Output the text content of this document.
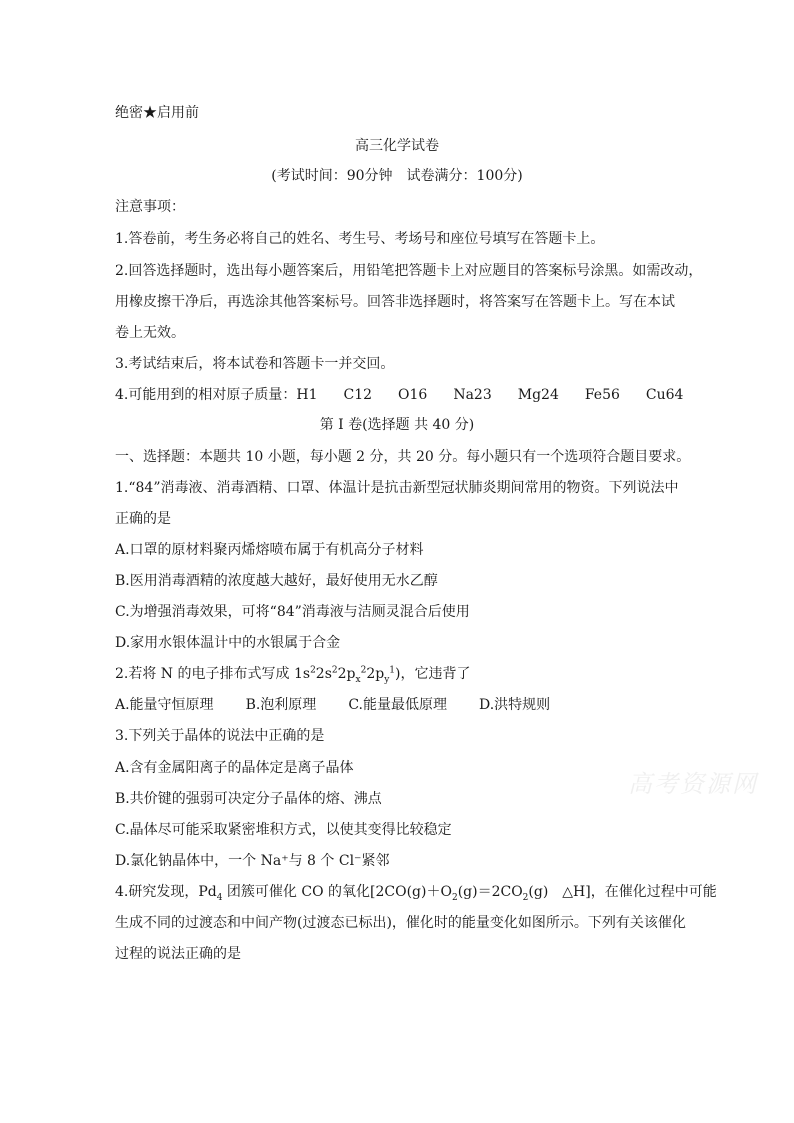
绝密★启用前
高三化学试卷
(考试时间：90分钟　试卷满分：100分)
注意事项：
1.答卷前，考生务必将自己的姓名、考生号、考场号和座位号填写在答题卡上。
2.回答选择题时，选出每小题答案后，用铅笔把答题卡上对应题目的答案标号涂黑。如需改动，
用橡皮擦干净后，再选涂其他答案标号。回答非选择题时，将答案写在答题卡上。写在本试
卷上无效。
3.考试结束后，将本试卷和答题卡一并交回。
4.可能用到的相对原子质量：H1 C12 O16 Na23 Mg24 Fe56 Cu64
第 I 卷(选择题 共 40 分)
一、选择题：本题共 10 小题，每小题 2 分，共 20 分。每小题只有一个选项符合题目要求。
1.“84”消毒液、消毒酒精、口罩、体温计是抗击新型冠状肺炎期间常用的物资。下列说法中
正确的是
A.口罩的原材料聚丙烯熔喷布属于有机高分子材料
B.医用消毒酒精的浓度越大越好，最好使用无水乙醇
C.为增强消毒效果，可将“84”消毒液与洁厕灵混合后使用
D.家用水银体温计中的水银属于合金
2.若将 N 的电子排布式写成 $1s^22s^22p_x^22p_y^1$)，它违背了
A.能量守恒原理 B.泡利原理 C.能量最低原理 D.洪特规则
3.下列关于晶体的说法中正确的是
A.含有金属阳离子的晶体定是离子晶体
B.共价键的强弱可决定分子晶体的熔、沸点
C.晶体尽可能采取紧密堆积方式，以使其变得比较稳定
D.氯化钠晶体中，一个 Na⁺与 8 个 Cl⁻紧邻
4.研究发现，$Pd_4$ 团簇可催化 CO 的氧化[$2CO(g)+O_2(g)=2CO_2(g)$　△H]，在催化过程中可能
生成不同的过渡态和中间产物(过渡态已标出)，催化时的能量变化如图所示。下列有关该催化
过程的说法正确的是
高考资源网
